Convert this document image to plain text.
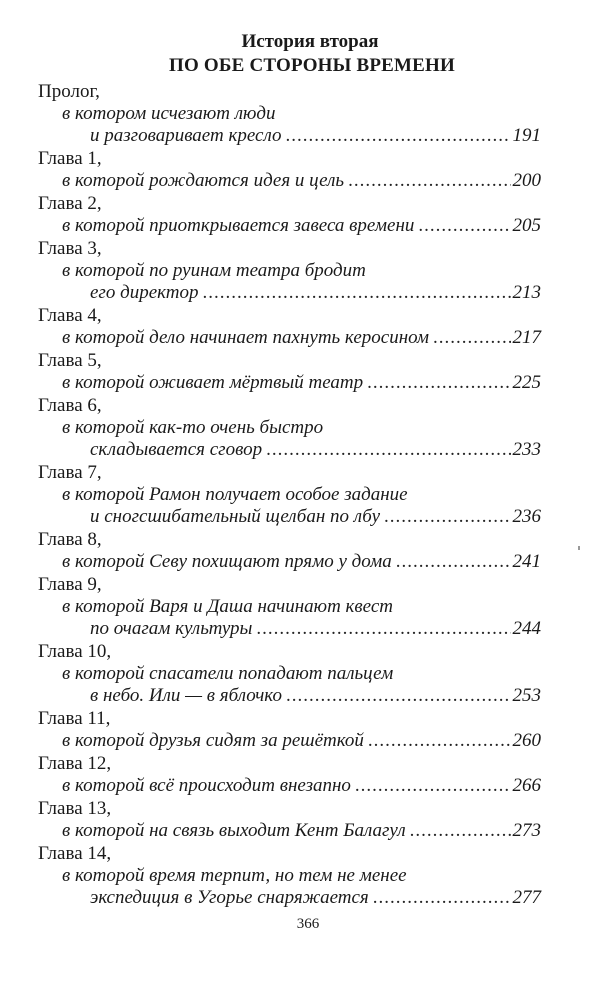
История вторая
ПО ОБЕ СТОРОНЫ ВРЕМЕНИ
Пролог,
в котором исчезают люди
и разговаривает кресло .....	191
Глава 1,
в которой рождаются идея и цель .....	200
Глава 2,
в которой приоткрывается завеса времени .....	205
Глава 3,
в которой по руинам театра бродит
его директор .....	213
Глава 4,
в которой дело начинает пахнуть керосином .....	217
Глава 5,
в которой оживает мёртвый театр .....	225
Глава 6,
в которой как-то очень быстро
складывается сговор .....	233
Глава 7,
в которой Рамон получает особое задание
и сногсшибательный щелбан по лбу .....	236
Глава 8,
в которой Севу похищают прямо у дома .....	241
Глава 9,
в которой Варя и Даша начинают квест
по очагам культуры .....	244
Глава 10,
в которой спасатели попадают пальцем
в небо. Или — в яблочко .....	253
Глава 11,
в которой друзья сидят за решёткой .....	260
Глава 12,
в которой всё происходит внезапно .....	266
Глава 13,
в которой на связь выходит Кент Балагул .....	273
Глава 14,
в которой время терпит, но тем не менее
экспедиция в Угорье снаряжается .....	277
366
